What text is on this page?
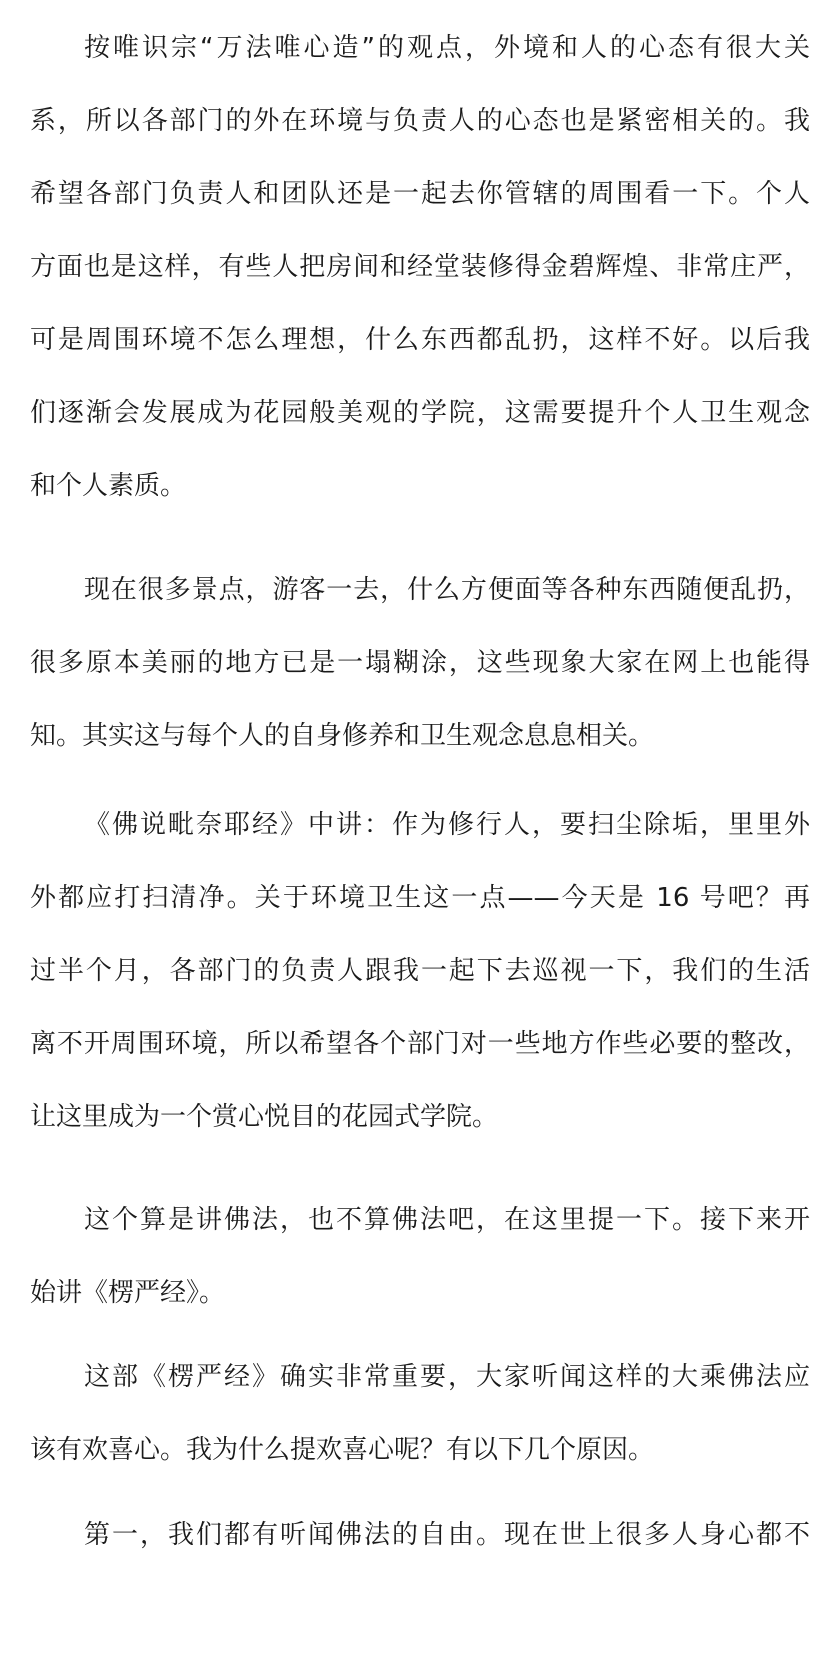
按唯识宗“万法唯心造”的观点，外境和人的心态有很大关
系，所以各部门的外在环境与负责人的心态也是紧密相关的。我
希望各部门负责人和团队还是一起去你管辖的周围看一下。个人
方面也是这样，有些人把房间和经堂装修得金碧辉煌、非常庄严，
可是周围环境不怎么理想，什么东西都乱扔，这样不好。以后我
们逐渐会发展成为花园般美观的学院，这需要提升个人卫生观念
和个人素质。
现在很多景点，游客一去，什么方便面等各种东西随便乱扔，
很多原本美丽的地方已是一塌糊涂，这些现象大家在网上也能得
知。其实这与每个人的自身修养和卫生观念息息相关。
《佛说毗奈耶经》中讲：作为修行人，要扫尘除垢，里里外
外都应打扫清净。关于环境卫生这一点——今天是 16 号吧？再
过半个月，各部门的负责人跟我一起下去巡视一下，我们的生活
离不开周围环境，所以希望各个部门对一些地方作些必要的整改，
让这里成为一个赏心悦目的花园式学院。
这个算是讲佛法，也不算佛法吧，在这里提一下。接下来开
始讲《楞严经》。
这部《楞严经》确实非常重要，大家听闻这样的大乘佛法应
该有欢喜心。我为什么提欢喜心呢？有以下几个原因。
第一，我们都有听闻佛法的自由。现在世上很多人身心都不
